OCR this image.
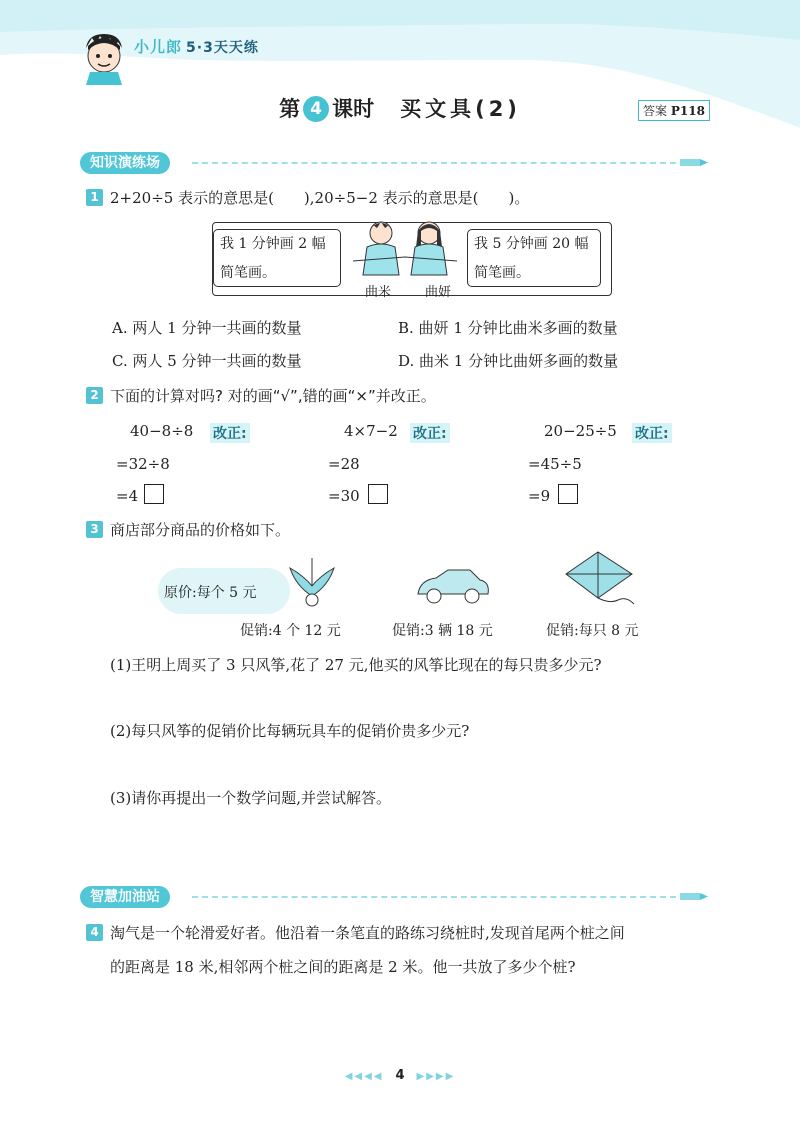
小儿郎 5·3天天练
第 4 课时 买文具(2)	答案 P118
知识演练场
1 2+20÷5 表示的意思是(　　),20÷5−2 表示的意思是(　　)。
我 1 分钟画 2 幅
简笔画。
我 5 分钟画 20 幅
简笔画。
曲米	曲妍
A. 两人 1 分钟一共画的数量	B. 曲妍 1 分钟比曲米多画的数量
C. 两人 5 分钟一共画的数量	D. 曲米 1 分钟比曲妍多画的数量
2 下面的计算对吗? 对的画“√”,错的画“×”并改正。
40−8÷8 改正:
=32÷8
=4
4×7−2 改正:
=28
=30
20−25÷5 改正:
=45÷5
=9
3 商店部分商品的价格如下。
原价:每个 5 元
促销:4 个 12 元	促销:3 辆 18 元	促销:每只 8 元
(1)王明上周买了 3 只风筝,花了 27 元,他买的风筝比现在的每只贵多少元?
(2)每只风筝的促销价比每辆玩具车的促销价贵多少元?
(3)请你再提出一个数学问题,并尝试解答。
智慧加油站
4 淘气是一个轮滑爱好者。他沿着一条笔直的路练习绕桩时,发现首尾两个桩之间
的距离是 18 米,相邻两个桩之间的距离是 2 米。他一共放了多少个桩?
◀◀◀◀ 4 ▶▶▶▶
